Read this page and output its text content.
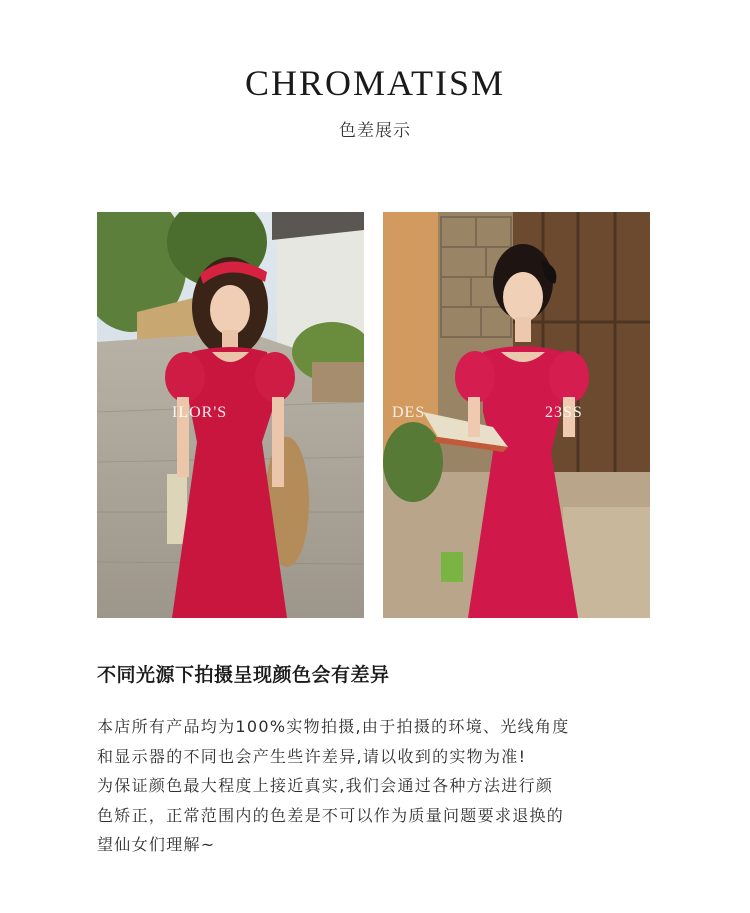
CHROMATISM
色差展示
ILOR'S	DES	23SS
不同光源下拍摄呈现颜色会有差异
本店所有产品均为100%实物拍摄,由于拍摄的环境、光线角度
和显示器的不同也会产生些许差异,请以收到的实物为准!
为保证颜色最大程度上接近真实,我们会通过各种方法进行颜
色矫正，正常范围内的色差是不可以作为质量问题要求退换的
望仙女们理解~
